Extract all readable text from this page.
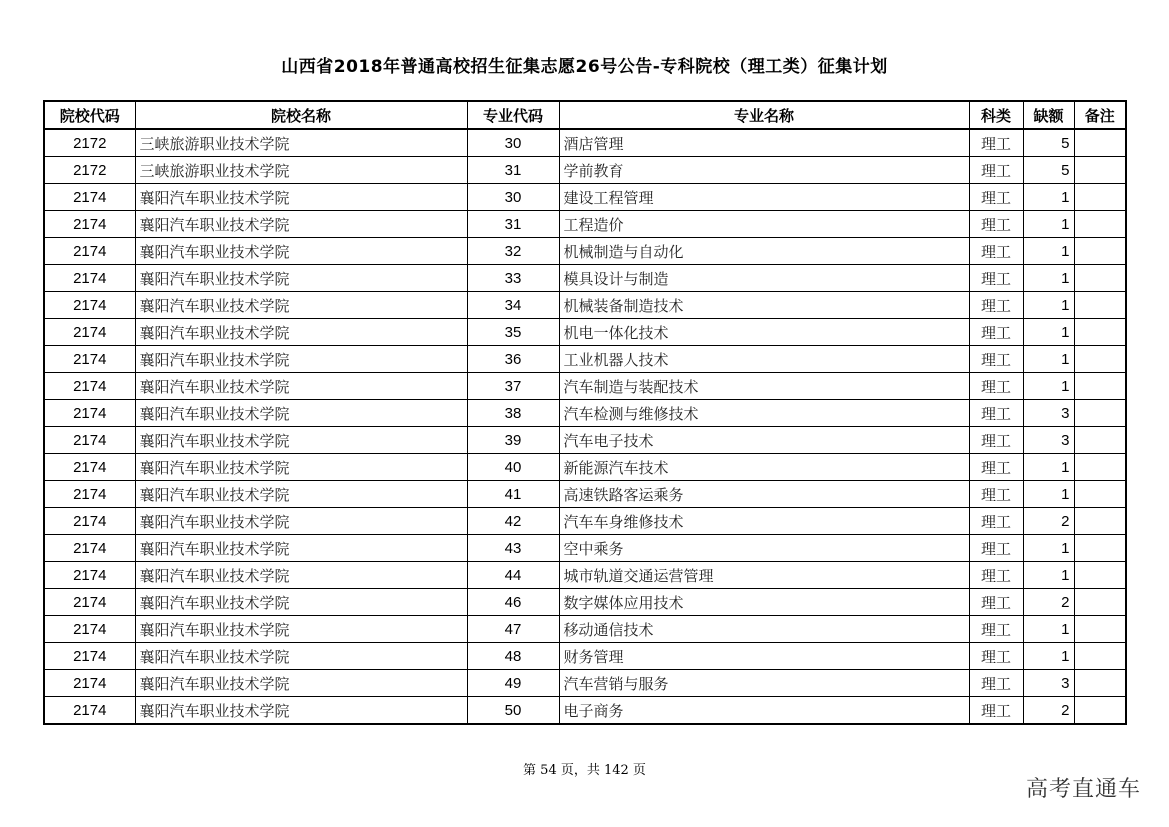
山西省2018年普通高校招生征集志愿26号公告-专科院校（理工类）征集计划
院校代码	院校名称	专业代码	专业名称	科类	缺额	备注
2172	三峡旅游职业技术学院	30	酒店管理	理工	5	
2172	三峡旅游职业技术学院	31	学前教育	理工	5	
2174	襄阳汽车职业技术学院	30	建设工程管理	理工	1	
2174	襄阳汽车职业技术学院	31	工程造价	理工	1	
2174	襄阳汽车职业技术学院	32	机械制造与自动化	理工	1	
2174	襄阳汽车职业技术学院	33	模具设计与制造	理工	1	
2174	襄阳汽车职业技术学院	34	机械装备制造技术	理工	1	
2174	襄阳汽车职业技术学院	35	机电一体化技术	理工	1	
2174	襄阳汽车职业技术学院	36	工业机器人技术	理工	1	
2174	襄阳汽车职业技术学院	37	汽车制造与装配技术	理工	1	
2174	襄阳汽车职业技术学院	38	汽车检测与维修技术	理工	3	
2174	襄阳汽车职业技术学院	39	汽车电子技术	理工	3	
2174	襄阳汽车职业技术学院	40	新能源汽车技术	理工	1	
2174	襄阳汽车职业技术学院	41	高速铁路客运乘务	理工	1	
2174	襄阳汽车职业技术学院	42	汽车车身维修技术	理工	2	
2174	襄阳汽车职业技术学院	43	空中乘务	理工	1	
2174	襄阳汽车职业技术学院	44	城市轨道交通运营管理	理工	1	
2174	襄阳汽车职业技术学院	46	数字媒体应用技术	理工	2	
2174	襄阳汽车职业技术学院	47	移动通信技术	理工	1	
2174	襄阳汽车职业技术学院	48	财务管理	理工	1	
2174	襄阳汽车职业技术学院	49	汽车营销与服务	理工	3	
2174	襄阳汽车职业技术学院	50	电子商务	理工	2	
第 54 页，共 142 页
高考直通车
